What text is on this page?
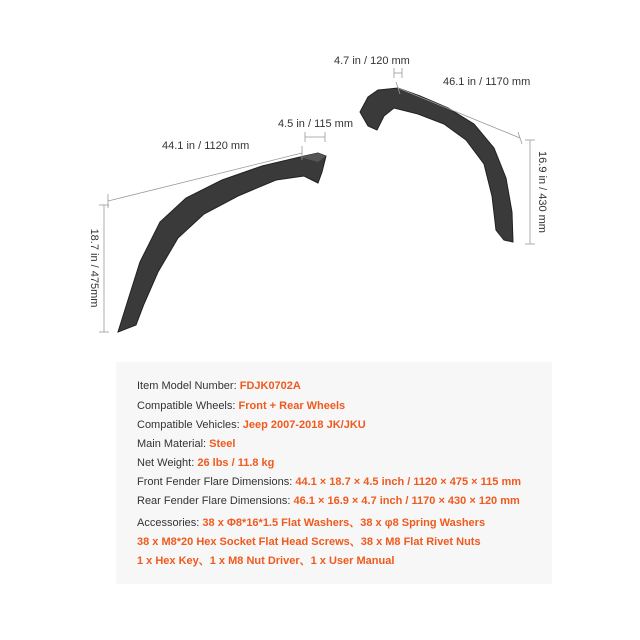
44.1 in / 1120 mm
4.5 in / 115 mm
18.7 in / 475mm
4.7 in / 120 mm
46.1 in / 1170 mm
16.9 in / 430 mm
Item Model Number: FDJK0702A
Compatible Wheels: Front + Rear Wheels
Compatible Vehicles: Jeep 2007-2018 JK/JKU
Main Material: Steel
Net Weight: 26 lbs / 11.8 kg
Front Fender Flare Dimensions: 44.1 × 18.7 × 4.5 inch / 1120 × 475 × 115 mm
Rear Fender Flare Dimensions: 46.1 × 16.9 × 4.7 inch / 1170 × 430 × 120 mm
Accessories: 38 x Φ8*16*1.5 Flat Washers、38 x φ8 Spring Washers
38 x M8*20 Hex Socket Flat Head Screws、38 x M8 Flat Rivet Nuts
1 x Hex Key、1 x M8 Nut Driver、1 x User Manual
